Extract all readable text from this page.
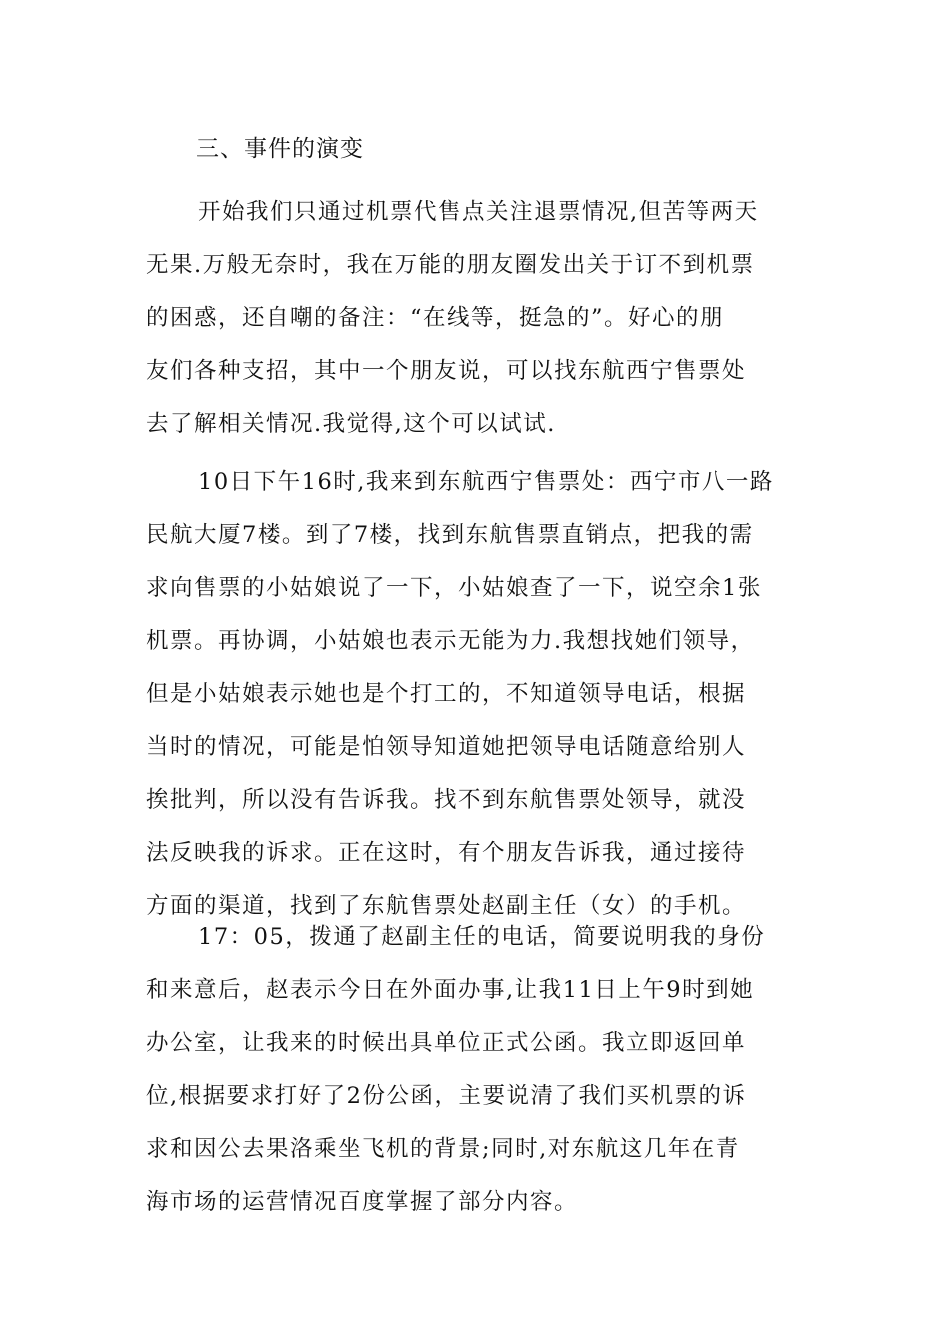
三、事件的演变

开始我们只通过机票代售点关注退票情况,但苦等两天
无果.万般无奈时，我在万能的朋友圈发出关于订不到机票
的困惑，还自嘲的备注：“在线等，挺急的”。好心的朋
友们各种支招，其中一个朋友说，可以找东航西宁售票处
去了解相关情况.我觉得,这个可以试试.

10日下午16时,我来到东航西宁售票处：西宁市八一路
民航大厦7楼。到了7楼，找到东航售票直销点，把我的需
求向售票的小姑娘说了一下，小姑娘查了一下，说空余1张
机票。再协调，小姑娘也表示无能为力.我想找她们领导，
但是小姑娘表示她也是个打工的，不知道领导电话，根据
当时的情况，可能是怕领导知道她把领导电话随意给别人
挨批判，所以没有告诉我。找不到东航售票处领导，就没
法反映我的诉求。正在这时，有个朋友告诉我，通过接待
方面的渠道，找到了东航售票处赵副主任（女）的手机。

17：05，拨通了赵副主任的电话，简要说明我的身份
和来意后，赵表示今日在外面办事,让我11日上午9时到她
办公室，让我来的时候出具单位正式公函。我立即返回单
位,根据要求打好了2份公函，主要说清了我们买机票的诉
求和因公去果洛乘坐飞机的背景;同时,对东航这几年在青
海市场的运营情况百度掌握了部分内容。
